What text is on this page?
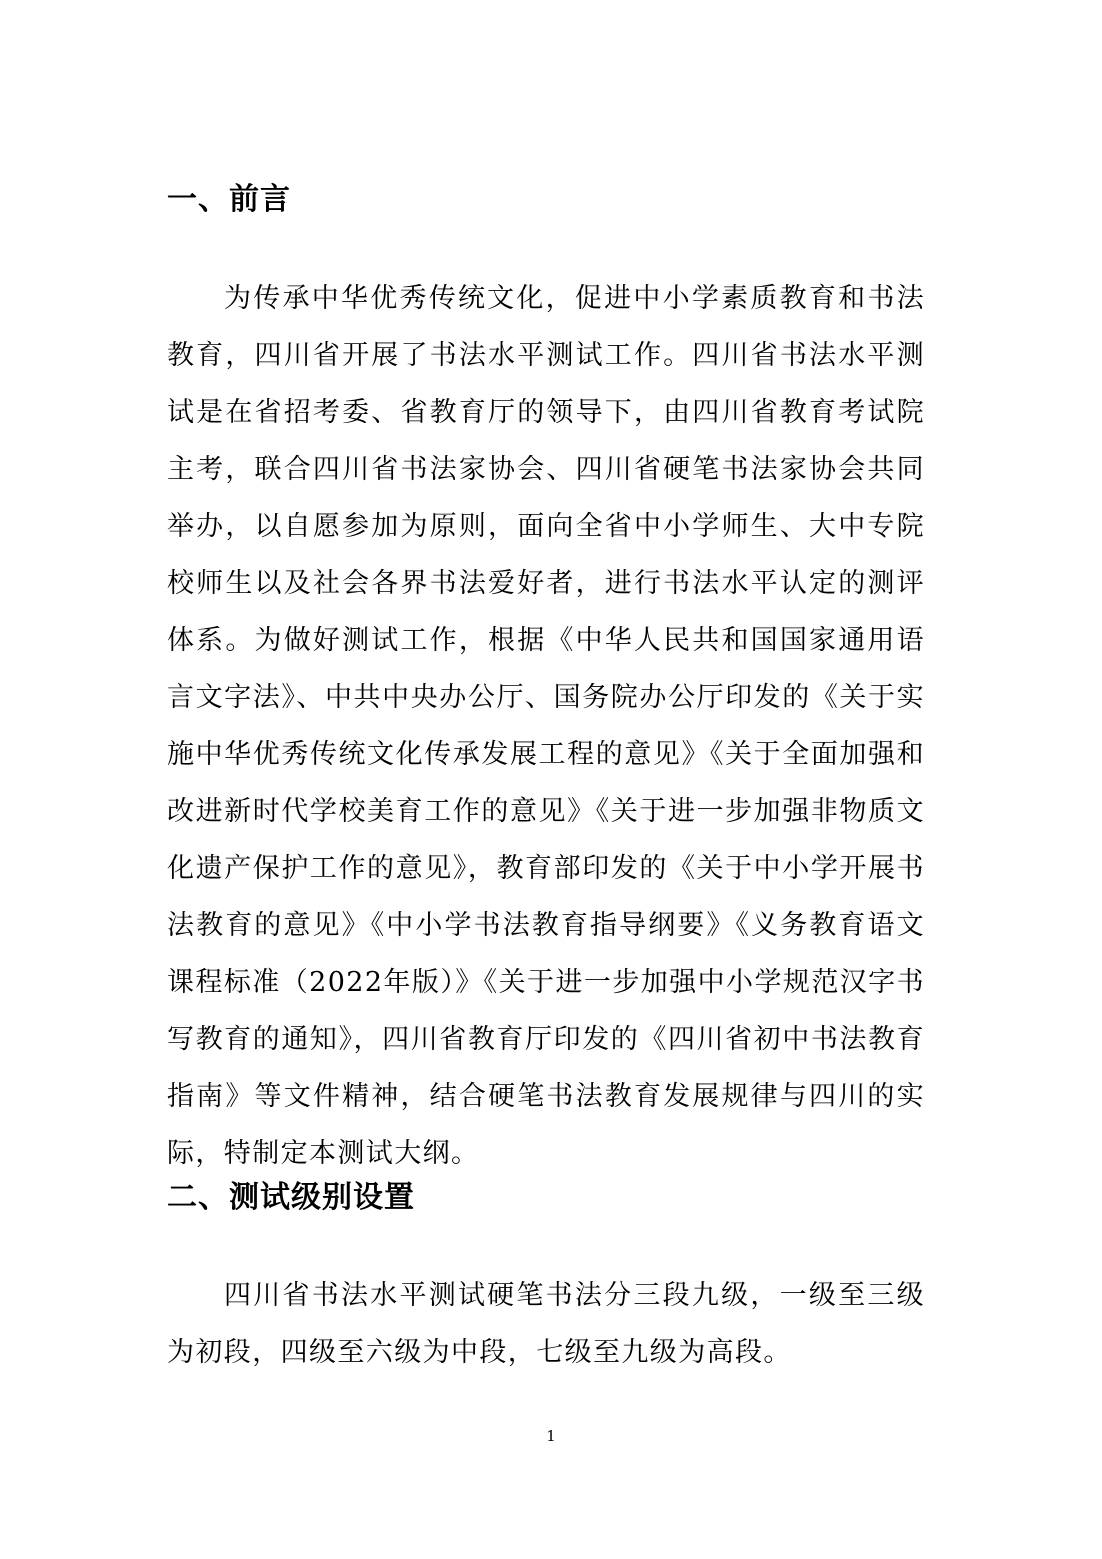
一、前言

为传承中华优秀传统文化，促进中小学素质教育和书法教育，四川省开展了书法水平测试工作。四川省书法水平测试是在省招考委、省教育厅的领导下，由四川省教育考试院主考，联合四川省书法家协会、四川省硬笔书法家协会共同举办，以自愿参加为原则，面向全省中小学师生、大中专院校师生以及社会各界书法爱好者，进行书法水平认定的测评体系。为做好测试工作，根据《中华人民共和国国家通用语言文字法》、中共中央办公厅、国务院办公厅印发的《关于实施中华优秀传统文化传承发展工程的意见》《关于全面加强和改进新时代学校美育工作的意见》《关于进一步加强非物质文化遗产保护工作的意见》，教育部印发的《关于中小学开展书法教育的意见》《中小学书法教育指导纲要》《义务教育语文课程标准（2022年版）》《关于进一步加强中小学规范汉字书写教育的通知》，四川省教育厅印发的《四川省初中书法教育指南》等文件精神，结合硬笔书法教育发展规律与四川的实际，特制定本测试大纲。

二、测试级别设置

四川省书法水平测试硬笔书法分三段九级，一级至三级为初段，四级至六级为中段，七级至九级为高段。

1
